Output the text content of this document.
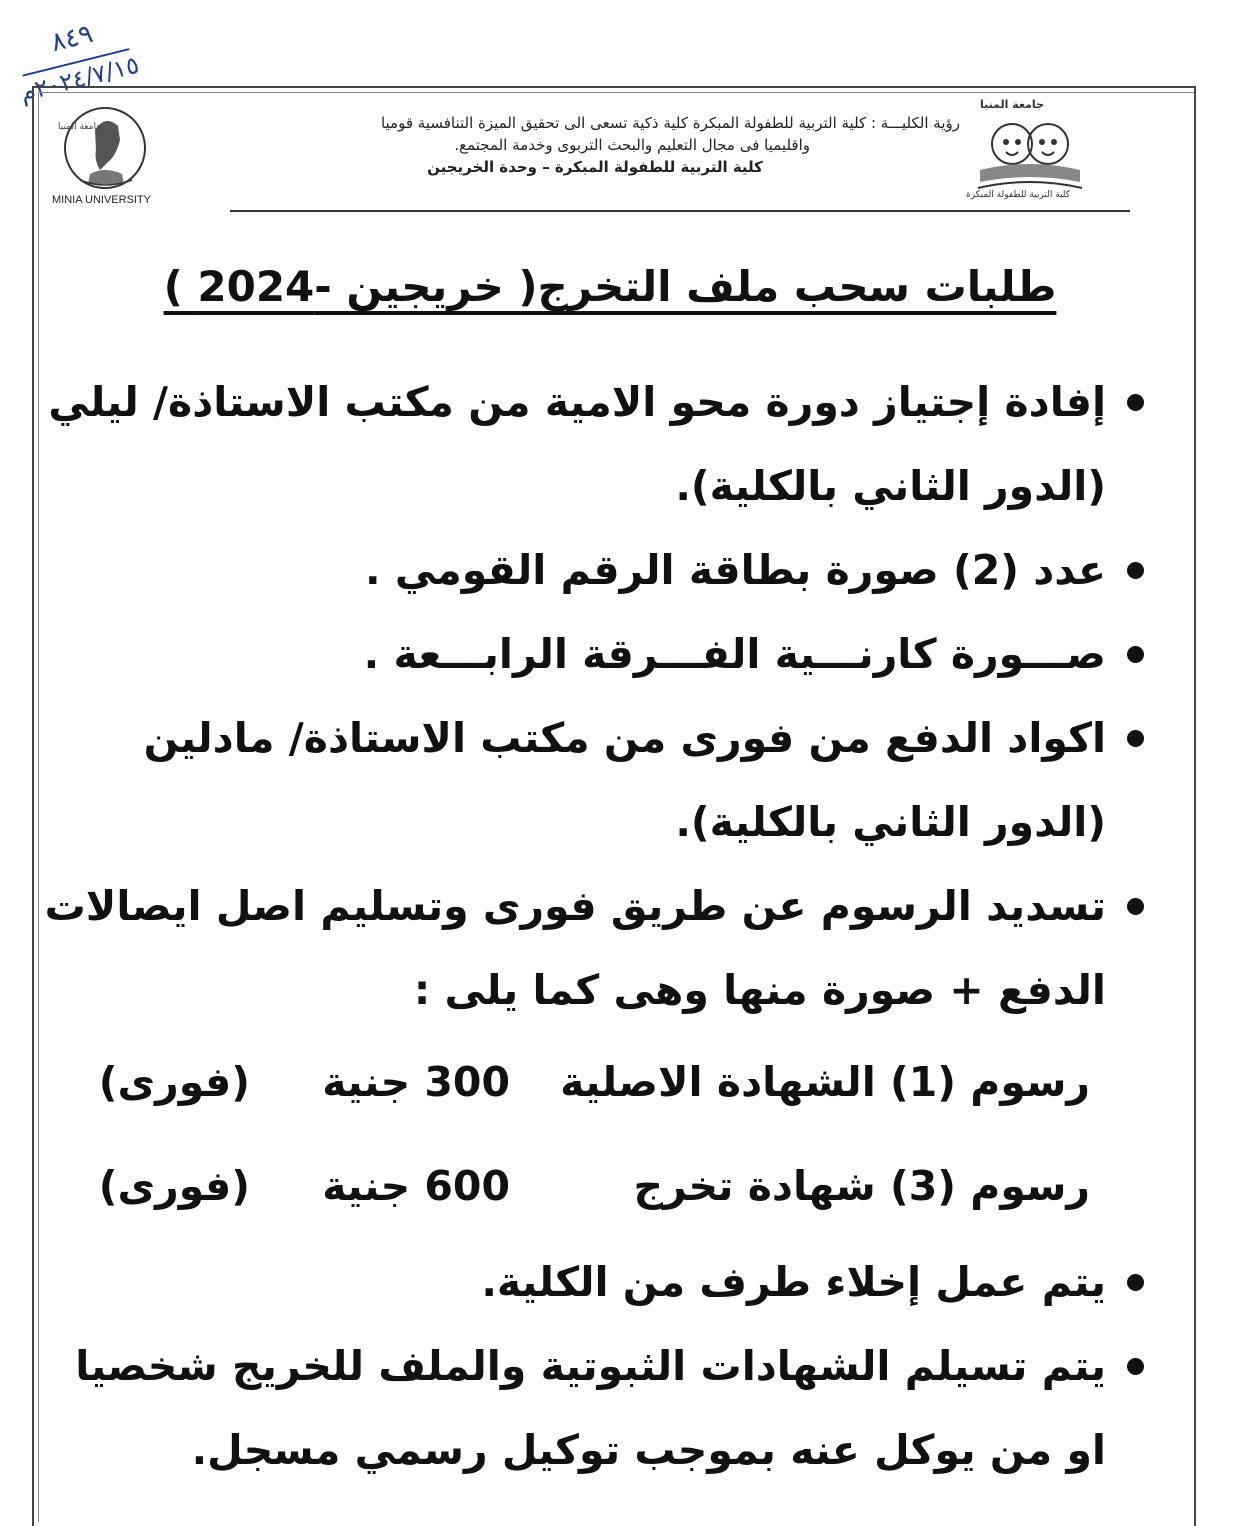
٨٤٩
٢٠٢٤/٧/١٥م
جامعة المنيا
MINIA UNIVERSITY
جامعة المنيا
كلية التربية للطفولة المبكرة
رؤية الكليـــة : كلية التربية للطفولة المبكرة كلية ذكية تسعى الى تحقيق الميزة التنافسية قوميا
واقليميا فى مجال التعليم والبحث التربوى وخدمة المجتمع.
كلية التربية للطفولة المبكرة – وحدة الخريجين
طلبات سحب ملف التخرج( خريجين -2024 )
إفادة إجتياز دورة محو الامية من مكتب الاستاذة/ ليلي (الدور الثاني بالكلية).
عدد (2) صورة بطاقة الرقم القومي .
صـــورة كارنـــية الفـــرقة الرابـــعة .
اكواد الدفع من فورى من مكتب الاستاذة/ مادلين (الدور الثاني بالكلية).
تسديد الرسوم عن طريق فورى وتسليم اصل ايصالات الدفع + صورة منها وهى كما يلى :
رسوم (1) الشهادة الاصلية
300 جنية
(فورى)
رسوم (3) شهادة تخرج
600 جنية
(فورى)
يتم عمل إخلاء طرف من الكلية.
يتم تسيلم الشهادات الثبوتية والملف للخريج شخصيا او من يوكل عنه بموجب توكيل رسمي مسجل.
